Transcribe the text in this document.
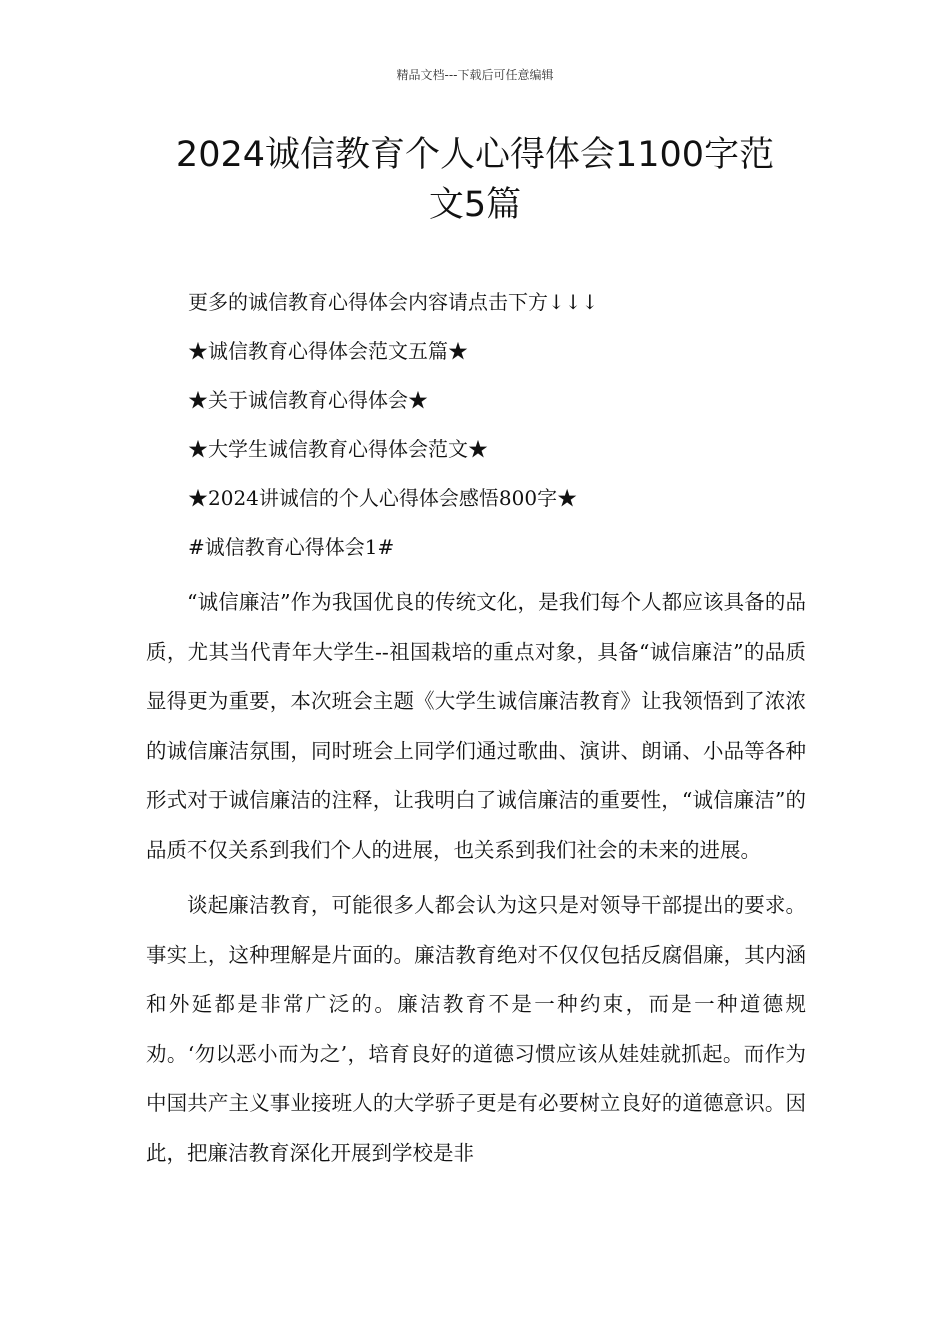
精品文档---下载后可任意编辑
2024诚信教育个人心得体会1100字范
文5篇
更多的诚信教育心得体会内容请点击下方↓↓↓
★诚信教育心得体会范文五篇★
★关于诚信教育心得体会★
★大学生诚信教育心得体会范文★
★2024讲诚信的个人心得体会感悟800字★
#诚信教育心得体会1#

“诚信廉洁”作为我国优良的传统文化，是我们每个人都应该具备的品质，尤其当代青年大学生--祖国栽培的重点对象，具备“诚信廉洁”的品质显得更为重要，本次班会主题《大学生诚信廉洁教育》让我领悟到了浓浓的诚信廉洁氛围，同时班会上同学们通过歌曲、演讲、朗诵、小品等各种形式对于诚信廉洁的注释，让我明白了诚信廉洁的重要性，“诚信廉洁”的品质不仅关系到我们个人的进展，也关系到我们社会的未来的进展。

谈起廉洁教育，可能很多人都会认为这只是对领导干部提出的要求。事实上，这种理解是片面的。廉洁教育绝对不仅仅包括反腐倡廉，其内涵和外延都是非常广泛的。廉洁教育不是一种约束，而是一种道德规劝。‘勿以恶小而为之’，培育良好的道德习惯应该从娃娃就抓起。而作为中国共产主义事业接班人的大学骄子更是有必要树立良好的道德意识。因此，把廉洁教育深化开展到学校是非
